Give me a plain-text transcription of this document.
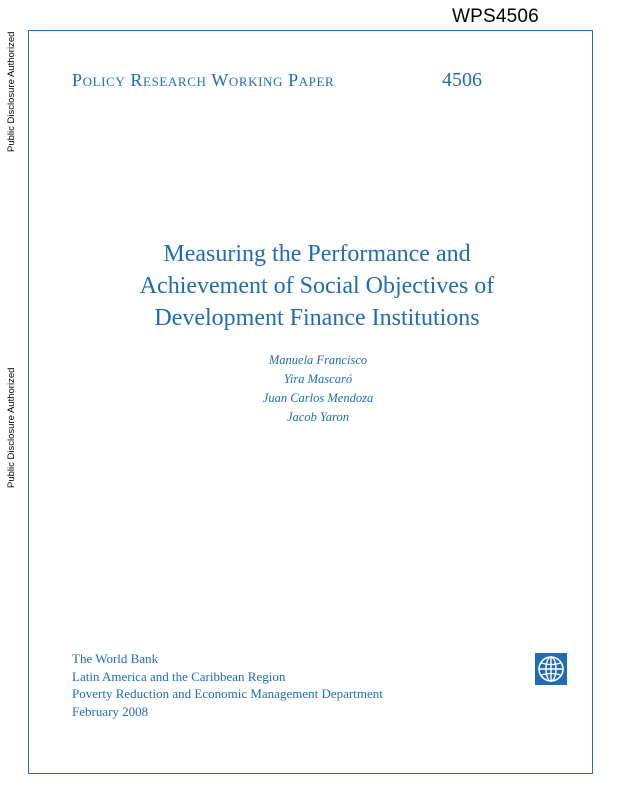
WPS4506
Public Disclosure Authorized
Public Disclosure Authorized
Policy Research Working Paper	4506
Measuring the Performance and
Achievement of Social Objectives of
Development Finance Institutions
Manuela Francisco
Yira Mascaró
Juan Carlos Mendoza
Jacob Yaron
The World Bank
Latin America and the Caribbean Region
Poverty Reduction and Economic Management Department
February 2008
